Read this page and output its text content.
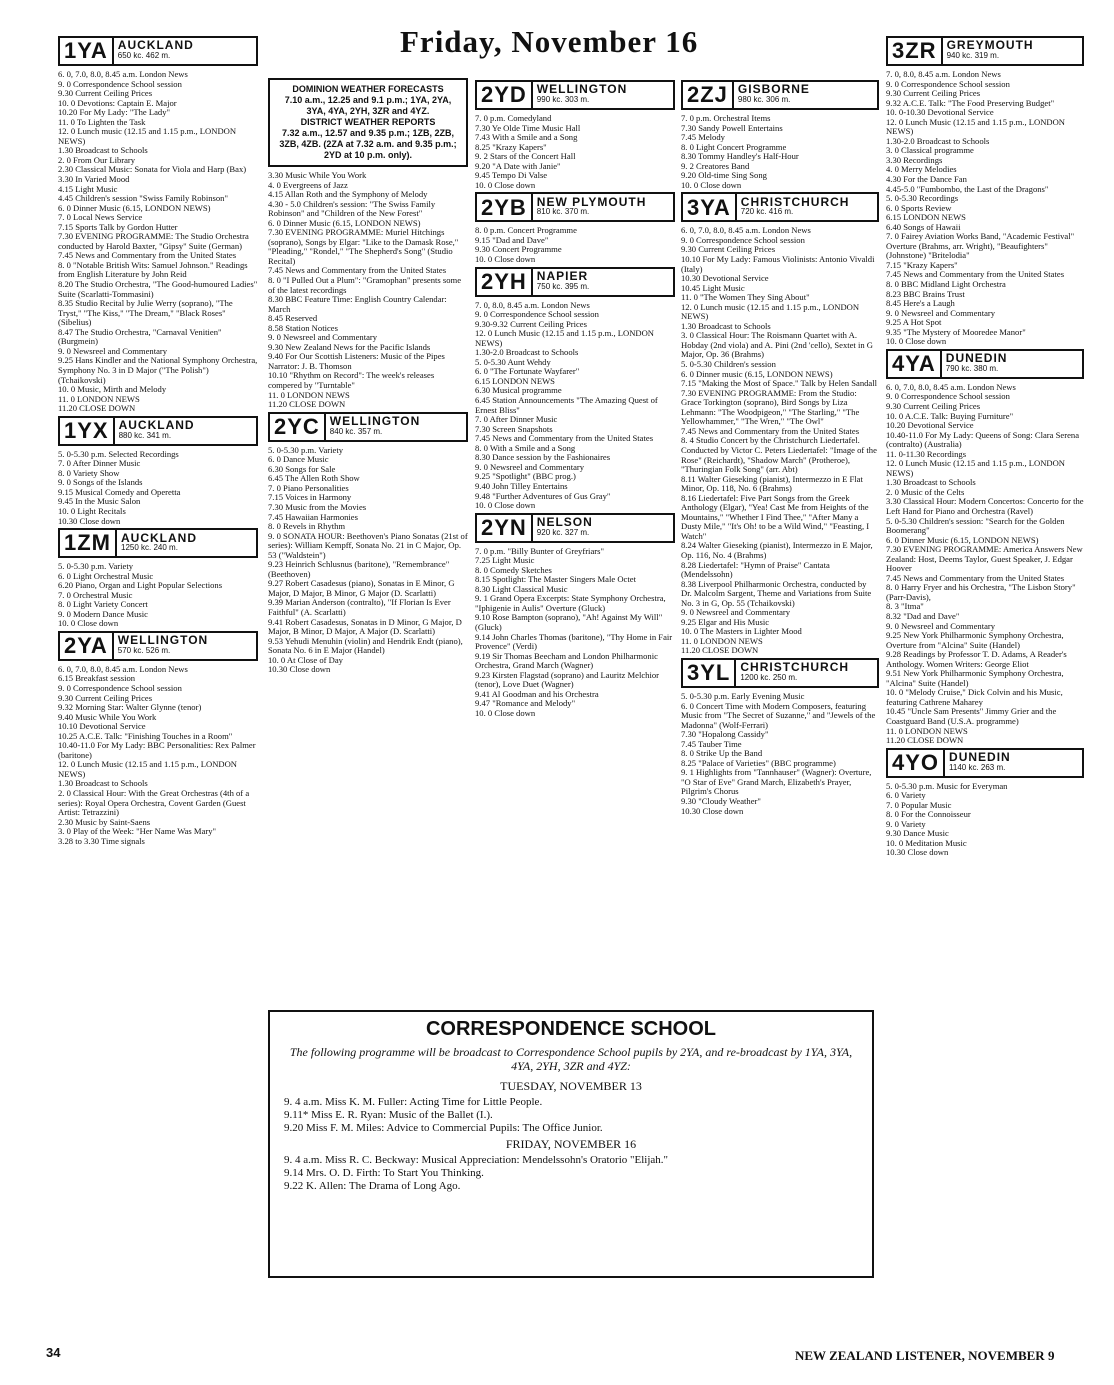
Friday, November 16
1YA AUCKLAND
650 kc. 462 m.
6. 0, 7.0, 8.0, 8.45 a.m. London News
9. 0 Correspondence School session
9.30 Current Ceiling Prices
10. 0 Devotions: Captain E. Major
10.20 For My Lady: "The Lady"
11. 0 To Lighten the Task
12. 0 Lunch music (12.15 and 1.15 p.m., LONDON NEWS)
1.30 Broadcast to Schools
2. 0 From Our Library
2.30 Classical Music: Sonata for Viola and Harp (Bax)
3.30 In Varied Mood
4.15 Light Music
4.45 Children's session "Swiss Family Robinson"
6. 0 Dinner Music (6.15, LONDON NEWS)
7. 0 Local News Service
7.15 Sports Talk by Gordon Hutter
7.30 EVENING PROGRAMME: The Studio Orchestra conducted by Harold Baxter, "Gipsy" Suite (German)
7.45 News and Commentary from the United States
8. 0 "Notable British Wits: Samuel Johnson." Readings from English Literature by John Reid
8.20 The Studio Orchestra, "The Good-humoured Ladies" Suite (Scarlatti-Tommasini)
8.35 Studio Recital by Julie Werry (soprano), "The Tryst," "The Kiss," "The Dream," "Black Roses" (Sibelius)
8.47 The Studio Orchestra, "Carnaval Venitien" (Burgmein)
9. 0 Newsreel and Commentary
9.25 Hans Kindler and the National Symphony Orchestra, Symphony No. 3 in D Major ("The Polish") (Tchaikovski)
10. 0 Music, Mirth and Melody
11. 0 LONDON NEWS
11.20 CLOSE DOWN
1YX AUCKLAND
880 kc. 341 m.
5. 0-5.30 p.m. Selected Recordings
7. 0 After Dinner Music
8. 0 Variety Show
9. 0 Songs of the Islands
9.15 Musical Comedy and Operetta
9.45 In the Music Salon
10. 0 Light Recitals
10.30 Close down
1ZM AUCKLAND
1250 kc. 240 m.
5. 0-5.30 p.m. Variety
6. 0 Light Orchestral Music
6.20 Piano, Organ and Light Popular Selections
7. 0 Orchestral Music
8. 0 Light Variety Concert
9. 0 Modern Dance Music
10. 0 Close down
2YA WELLINGTON
570 kc. 526 m.
6. 0, 7.0, 8.0, 8.45 a.m. London News
6.15 Breakfast session
9. 0 Correspondence School session
9.30 Current Ceiling Prices
9.32 Morning Star: Walter Glynne (tenor)
9.40 Music While You Work
10.10 Devotional Service
10.25 A.C.E. Talk: "Finishing Touches in a Room"
10.40-11.0 For My Lady: BBC Personalities: Rex Palmer (baritone)
12. 0 Lunch Music (12.15 and 1.15 p.m., LONDON NEWS)
1.30 Broadcast to Schools
2. 0 Classical Hour: With the Great Orchestras (4th of a series): Royal Opera Orchestra, Covent Garden (Guest Artist: Tetrazzini)
2.30 Music by Saint-Saens
3. 0 Play of the Week: "Her Name Was Mary"
3.28 to 3.30 Time signals
DOMINION WEATHER FORECASTS
7.10 a.m., 12.25 and 9.1 p.m.; 1YA, 2YA, 3YA, 4YA, 2YH, 3ZR and 4YZ.
DISTRICT WEATHER REPORTS
7.32 a.m., 12.57 and 9.35 p.m.; 1ZB, 2ZB, 3ZB, 4ZB. (2ZA at 7.32 a.m. and 9.35 p.m.; 2YD at 10 p.m. only).
3.30 Music While You Work
4. 0 Evergreens of Jazz
4.15 Allan Roth and the Symphony of Melody
4.30 - 5.0 Children's session: "The Swiss Family Robinson" and "Children of the New Forest"
6. 0 Dinner Music (6.15, LONDON NEWS)
7.30 EVENING PROGRAMME: Muriel Hitchings (soprano), Songs by Elgar: "Like to the Damask Rose," "Pleading," "Rondel," "The Shepherd's Song" (Studio Recital)
7.45 News and Commentary from the United States
8. 0 "I Pulled Out a Plum": "Gramophan" presents some of the latest recordings
8.30 BBC Feature Time: English Country Calendar: March
8.45 Reserved
8.58 Station Notices
9. 0 Newsreel and Commentary
9.30 New Zealand News for the Pacific Islands
9.40 For Our Scottish Listeners: Music of the Pipes Narrator: J. B. Thomson
10.10 "Rhythm on Record": The week's releases compered by "Turntable"
11. 0 LONDON NEWS
11.20 CLOSE DOWN
2YC WELLINGTON
840 kc. 357 m.
5. 0-5.30 p.m. Variety
6. 0 Dance Music
6.30 Songs for Sale
6.45 The Allen Roth Show
7. 0 Piano Personalities
7.15 Voices in Harmony
7.30 Music from the Movies
7.45 Hawaiian Harmonies
8. 0 Revels in Rhythm
9. 0 SONATA HOUR: Beethoven's Piano Sonatas (21st of series): William Kempff, Sonata No. 21 in C Major, Op. 53 ("Waldstein")
9.23 Heinrich Schlusnus (baritone), "Remembrance" (Beethoven)
9.27 Robert Casadesus (piano), Sonatas in E Minor, G Major, D Major, B Minor, G Major (D. Scarlatti)
9.39 Marian Anderson (contralto), "If Florian Is Ever Faithful" (A. Scarlatti)
9.41 Robert Casadesus, Sonatas in D Minor, G Major, D Major, B Minor, D Major, A Major (D. Scarlatti)
9.53 Yehudi Menuhin (violin) and Hendrik Endt (piano), Sonata No. 6 in E Major (Handel)
10. 0 At Close of Day
10.30 Close down
2YD WELLINGTON
990 kc. 303 m.
7. 0 p.m. Comedyland
7.30 Ye Olde Time Music Hall
7.43 With a Smile and a Song
8.25 "Krazy Kapers"
9. 2 Stars of the Concert Hall
9.20 "A Date with Janie"
9.45 Tempo Di Valse
10. 0 Close down
2YB NEW PLYMOUTH
810 kc. 370 m.
8. 0 p.m. Concert Programme
9.15 "Dad and Dave"
9.30 Concert Programme
10. 0 Close down
2YH NAPIER
750 kc. 395 m.
7. 0, 8.0, 8.45 a.m. London News
9. 0 Correspondence School session
9.30-9.32 Current Ceiling Prices
12. 0 Lunch Music (12.15 and 1.15 p.m., LONDON NEWS)
1.30-2.0 Broadcast to Schools
5. 0-5.30 Aunt Wehdy
6. 0 "The Fortunate Wayfarer"
6.15 LONDON NEWS
6.30 Musical programme
6.45 Station Announcements "The Amazing Quest of Ernest Bliss"
7. 0 After Dinner Music
7.30 Screen Snapshots
7.45 News and Commentary from the United States
8. 0 With a Smile and a Song
8.30 Dance session by the Fashionaires
9. 0 Newsreel and Commentary
9.25 "Spotlight" (BBC prog.)
9.40 John Tilley Entertains
9.48 "Further Adventures of Gus Gray"
10. 0 Close down
2YN NELSON
920 kc. 327 m.
7. 0 p.m. "Billy Bunter of Greyfriars"
7.25 Light Music
8. 0 Comedy Sketches
8.15 Spotlight: The Master Singers Male Octet
8.30 Light Classical Music
9. 1 Grand Opera Excerpts: State Symphony Orchestra, "Iphigenie in Aulis" Overture (Gluck)
9.10 Rose Bampton (soprano), "Ah! Against My Will" (Gluck)
9.14 John Charles Thomas (baritone), "Thy Home in Fair Provence" (Verdi)
9.19 Sir Thomas Beecham and London Philharmonic Orchestra, Grand March (Wagner)
9.23 Kirsten Flagstad (soprano) and Lauritz Melchior (tenor), Love Duet (Wagner)
9.41 Al Goodman and his Orchestra
9.47 "Romance and Melody"
10. 0 Close down
2ZJ GISBORNE
980 kc. 306 m.
7. 0 p.m. Orchestral Items
7.30 Sandy Powell Entertains
7.45 Melody
8. 0 Light Concert Programme
8.30 Tommy Handley's Half-Hour
9. 2 Creatores Band
9.20 Old-time Sing Song
10. 0 Close down
3YA CHRISTCHURCH
720 kc. 416 m.
6. 0, 7.0, 8.0, 8.45 a.m. London News
9. 0 Correspondence School session
9.30 Current Ceiling Prices
10.10 For My Lady: Famous Violinists: Antonio Vivaldi (Italy)
10.30 Devotional Service
10.45 Light Music
11. 0 "The Women They Sing About"
12. 0 Lunch music (12.15 and 1.15 p.m., LONDON NEWS)
1.30 Broadcast to Schools
3. 0 Classical Hour: The Roismann Quartet with A. Hobday (2nd viola) and A. Pini (2nd 'cello), Sextet in G Major, Op. 36 (Brahms)
5. 0-5.30 Children's session
6. 0 Dinner music (6.15, LONDON NEWS)
7.15 "Making the Most of Space." Talk by Helen Sandall
7.30 EVENING PROGRAMME: From the Studio: Grace Torkington (soprano), Bird Songs by Liza Lehmann: "The Woodpigeon," "The Starling," "The Yellowhammer," "The Wren," "The Owl"
7.45 News and Commentary from the United States
8. 4 Studio Concert by the Christchurch Liedertafel. Conducted by Victor C. Peters Liedertafel: "Image of the Rose" (Reichardt), "Shadow March" (Protheroe), "Thuringian Folk Song" (arr. Abt)
8.11 Walter Gieseking (pianist), Intermezzo in E Flat Minor, Op. 118, No. 6 (Brahms)
8.16 Liedertafel: Five Part Songs from the Greek Anthology (Elgar), "Yea! Cast Me from Heights of the Mountains," "Whether I Find Thee," "After Many a Dusty Mile," "It's Oh! to be a Wild Wind," "Feasting, I Watch"
8.24 Walter Gieseking (pianist), Intermezzo in E Major, Op. 116, No. 4 (Brahms)
8.28 Liedertafel: "Hymn of Praise" Cantata (Mendelssohn)
8.38 Liverpool Philharmonic Orchestra, conducted by Dr. Malcolm Sargent, Theme and Variations from Suite No. 3 in G, Op. 55 (Tchaikovski)
9. 0 Newsreel and Commentary
9.25 Elgar and His Music
10. 0 The Masters in Lighter Mood
11. 0 LONDON NEWS
11.20 CLOSE DOWN
3YL CHRISTCHURCH
1200 kc. 250 m.
5. 0-5.30 p.m. Early Evening Music
6. 0 Concert Time with Modern Composers, featuring Music from "The Secret of Suzanne," and "Jewels of the Madonna" (Wolf-Ferrari)
7.30 "Hopalong Cassidy"
7.45 Tauber Time
8. 0 Strike Up the Band
8.25 "Palace of Varieties" (BBC programme)
9. 1 Highlights from "Tannhauser" (Wagner): Overture, "O Star of Eve" Grand March, Elizabeth's Prayer, Pilgrim's Chorus
9.30 "Cloudy Weather"
10.30 Close down
3ZR GREYMOUTH
940 kc. 319 m.
7. 0, 8.0, 8.45 a.m. London News
9. 0 Correspondence School session
9.30 Current Ceiling Prices
9.32 A.C.E. Talk: "The Food Preserving Budget"
10. 0-10.30 Devotional Service
12. 0 Lunch Music (12.15 and 1.15 p.m., LONDON NEWS)
1.30-2.0 Broadcast to Schools
3. 0 Classical programme
3.30 Recordings
4. 0 Merry Melodies
4.30 For the Dance Fan
4.45-5.0 "Fumbombo, the Last of the Dragons"
5. 0-5.30 Recordings
6. 0 Sports Review
6.15 LONDON NEWS
6.40 Songs of Hawaii
7. 0 Fairey Aviation Works Band, "Academic Festival" Overture (Brahms, arr. Wright), "Beaufighters" (Johnstone) "Britelodia"
7.15 "Krazy Kapers"
7.45 News and Commentary from the United States
8. 0 BBC Midland Light Orchestra
8.23 BBC Brains Trust
8.45 Here's a Laugh
9. 0 Newsreel and Commentary
9.25 A Hot Spot
9.35 "The Mystery of Mooredee Manor"
10. 0 Close down
4YA DUNEDIN
790 kc. 380 m.
6. 0, 7.0, 8.0, 8.45 a.m. London News
9. 0 Correspondence School session
9.30 Current Ceiling Prices
10. 0 A.C.E. Talk: Buying Furniture"
10.20 Devotional Service
10.40-11.0 For My Lady: Queens of Song: Clara Serena (contralto) (Australia)
11. 0-11.30 Recordings
12. 0 Lunch Music (12.15 and 1.15 p.m., LONDON NEWS)
1.30 Broadcast to Schools
2. 0 Music of the Celts
3.30 Classical Hour: Modern Concertos: Concerto for the Left Hand for Piano and Orchestra (Ravel)
5. 0-5.30 Children's session: "Search for the Golden Boomerang"
6. 0 Dinner Music (6.15, LONDON NEWS)
7.30 EVENING PROGRAMME: America Answers New Zealand: Host, Deems Taylor, Guest Speaker, J. Edgar Hoover
7.45 News and Commentary from the United States
8. 0 Harry Fryer and his Orchestra, "The Lisbon Story" (Parr-Davis),
8. 3 "Itma"
8.32 "Dad and Dave"
9. 0 Newsreel and Commentary
9.25 New York Philharmonic Symphony Orchestra, Overture from "Alcina" Suite (Handel)
9.28 Readings by Professor T. D. Adams, A Reader's Anthology. Women Writers: George Eliot
9.51 New York Philharmonic Symphony Orchestra, "Alcina" Suite (Handel)
10. 0 "Melody Cruise," Dick Colvin and his Music, featuring Cathrene Maharey
10.45 "Uncle Sam Presents" Jimmy Grier and the Coastguard Band (U.S.A. programme)
11. 0 LONDON NEWS
11.20 CLOSE DOWN
4YO DUNEDIN
1140 kc. 263 m.
5. 0-5.30 p.m. Music for Everyman
6. 0 Variety
7. 0 Popular Music
8. 0 For the Connoisseur
9. 0 Variety
9.30 Dance Music
10. 0 Meditation Music
10.30 Close down
CORRESPONDENCE SCHOOL
The following programme will be broadcast to Correspondence School pupils by 2YA, and re-broadcast by 1YA, 3YA, 4YA, 2YH, 3ZR and 4YZ:
TUESDAY, NOVEMBER 13
9. 4 a.m. Miss K. M. Fuller: Acting Time for Little People.
9.11* Miss E. R. Ryan: Music of the Ballet (I.).
9.20 Miss F. M. Miles: Advice to Commercial Pupils: The Office Junior.
FRIDAY, NOVEMBER 16
9. 4 a.m. Miss R. C. Beckway: Musical Appreciation: Mendelssohn's Oratorio "Elijah."
9.14 Mrs. O. D. Firth: To Start You Thinking.
9.22 K. Allen: The Drama of Long Ago.
34	NEW ZEALAND LISTENER, NOVEMBER 9
